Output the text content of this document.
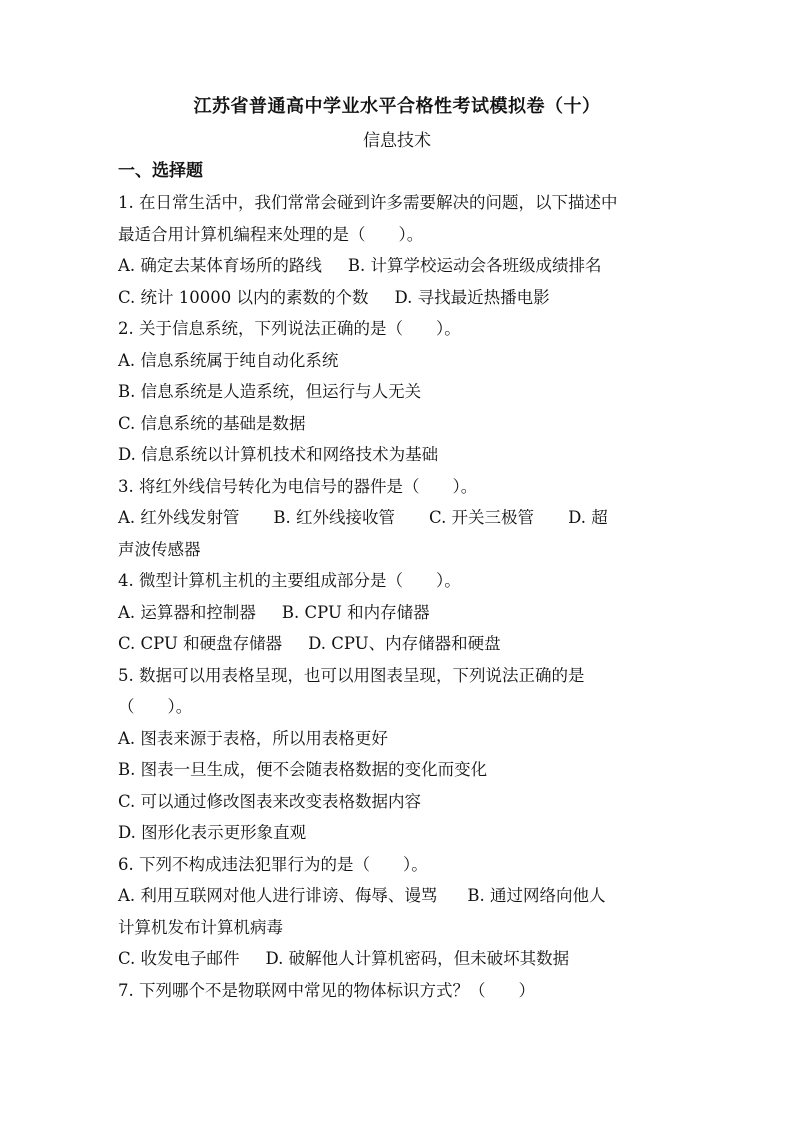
江苏省普通高中学业水平合格性考试模拟卷（十）
信息技术
一、选择题
1. 在日常生活中，我们常常会碰到许多需要解决的问题，以下描述中
最适合用计算机编程来处理的是（　　）。
A. 确定去某体育场所的路线 B. 计算学校运动会各班级成绩排名
C. 统计 10000 以内的素数的个数 D. 寻找最近热播电影
2. 关于信息系统，下列说法正确的是（　　）。
A. 信息系统属于纯自动化系统
B. 信息系统是人造系统，但运行与人无关
C. 信息系统的基础是数据
D. 信息系统以计算机技术和网络技术为基础
3. 将红外线信号转化为电信号的器件是（　　）。
A. 红外线发射管 B. 红外线接收管 C. 开关三极管 D. 超
声波传感器
4. 微型计算机主机的主要组成部分是（　　）。
A. 运算器和控制器 B. CPU 和内存储器
C. CPU 和硬盘存储器 D. CPU、内存储器和硬盘
5. 数据可以用表格呈现，也可以用图表呈现，下列说法正确的是
（　　）。
A. 图表来源于表格，所以用表格更好
B. 图表一旦生成，便不会随表格数据的变化而变化
C. 可以通过修改图表来改变表格数据内容
D. 图形化表示更形象直观
6. 下列不构成违法犯罪行为的是（　　）。
A. 利用互联网对他人进行诽谤、侮辱、谩骂 B. 通过网络向他人
计算机发布计算机病毒
C. 收发电子邮件 D. 破解他人计算机密码，但未破坏其数据
7. 下列哪个不是物联网中常见的物体标识方式？（　　）
